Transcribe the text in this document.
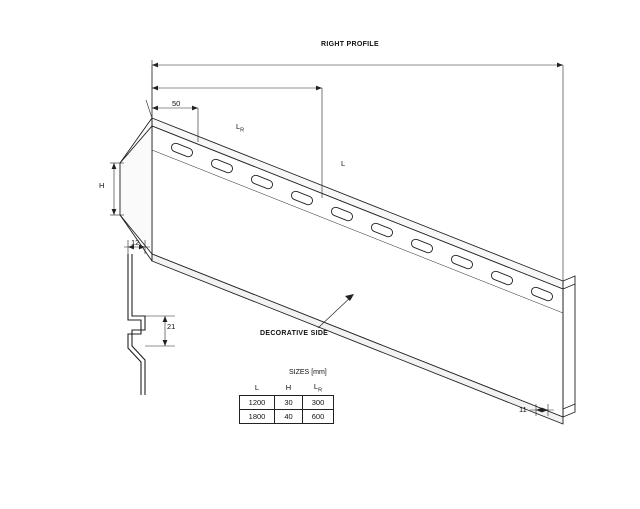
RIGHT PROFILE
50
$L_R$
L
H
12
21
11
DECORATIVE SIDE
SIZES [mm]
L	H	$L_R$
1200	30	300
1800	40	600
